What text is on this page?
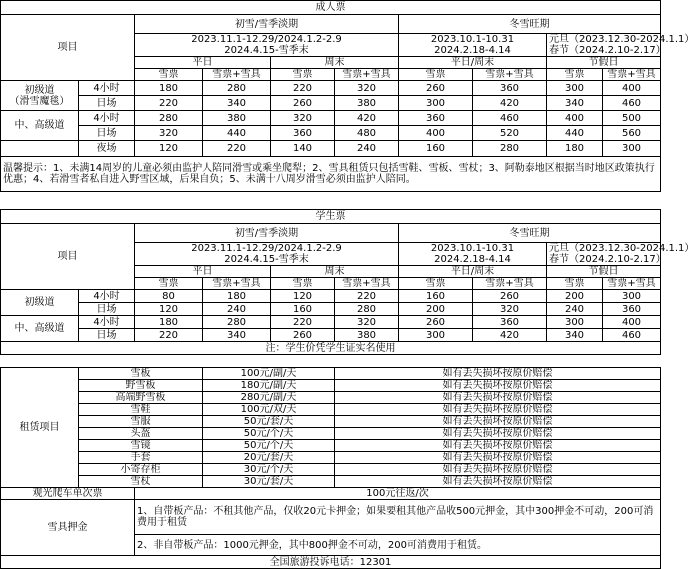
成人票									
项目		初雪/雪季淡期				冬雪旺期			
		2023.11.1-12.29/2024.1.2-2.9
2024.4.15-雪季末				2023.10.1-10.31
2024.2.18-4.14		元旦（2023.12.30-2024.1.1）
春节（2024.2.10-2.17）	
		平日		周末		平日/周末		节假日	
		雪票	雪票+雪具	雪票	雪票+雪具	雪票	雪票+雪具	雪票	雪票+雪具
初级道
（滑雪魔毯）	4小时	180	280	220	320	260	360	300	400
	日场	220	340	260	380	300	420	340	460
中、高级道	4小时	280	380	320	420	360	460	400	500
	日场	320	440	360	480	400	520	440	560
	夜场	120	220	140	240	160	280	180	300
温馨提示：1、未满14周岁的儿童必须由监护人陪同滑雪或乘坐爬犁；2、雪具租赁只包括雪鞋、雪板、雪杖；3、阿勒泰地区根据当时地区政策执行优惠；4、若滑雪者私自进入野雪区域，后果自负；5、未满十八周岁滑雪必须由监护人陪同。									

学生票									
项目		初雪/雪季淡期				冬雪旺期			
		2023.11.1-12.29/2024.1.2-2.9
2024.4.15-雪季末				2023.10.1-10.31
2024.2.18-4.14		元旦（2023.12.30-2024.1.1）
春节（2024.2.10-2.17）	
		平日		周末		平日/周末		节假日	
		雪票	雪票+雪具	雪票	雪票+雪具	雪票	雪票+雪具	雪票	雪票+雪具
初级道	4小时	80	180	120	220	160	260	200	300
	日场	120	240	160	280	200	320	240	360
中、高级道	4小时	180	280	220	320	260	360	300	400
	日场	220	340	260	380	300	420	340	460
注：学生价凭学生证实名使用									

租赁项目	雪板		100元/副/天		如有丢失损坏按原价赔偿				
	野雪板		180元/副/天		如有丢失损坏按原价赔偿				
	高端野雪板		280元/副/天		如有丢失损坏按原价赔偿				
	雪鞋		100元/双/天		如有丢失损坏按原价赔偿				
	雪服		50元/套/天		如有丢失损坏按原价赔偿				
	头盔		50元/个/天		如有丢失损坏按原价赔偿				
	雪镜		50元/个/天		如有丢失损坏按原价赔偿				
	手套		20元/套/天		如有丢失损坏按原价赔偿				
	小寄存柜		30元/个/天		如有丢失损坏按原价赔偿				
	雪杖		30元/套/天		如有丢失损坏按原价赔偿				
观光爬车单次票		100元往返/次							
雪具押金		1、自带板产品：不租其他产品，仅收20元卡押金；如果要租其他产品收500元押金，其中300押金不可动，200可消费用于租赁							
		2、非自带板产品：1000元押金，其中800押金不可动，200可消费用于租赁。							
全国旅游投诉电话：12301									
